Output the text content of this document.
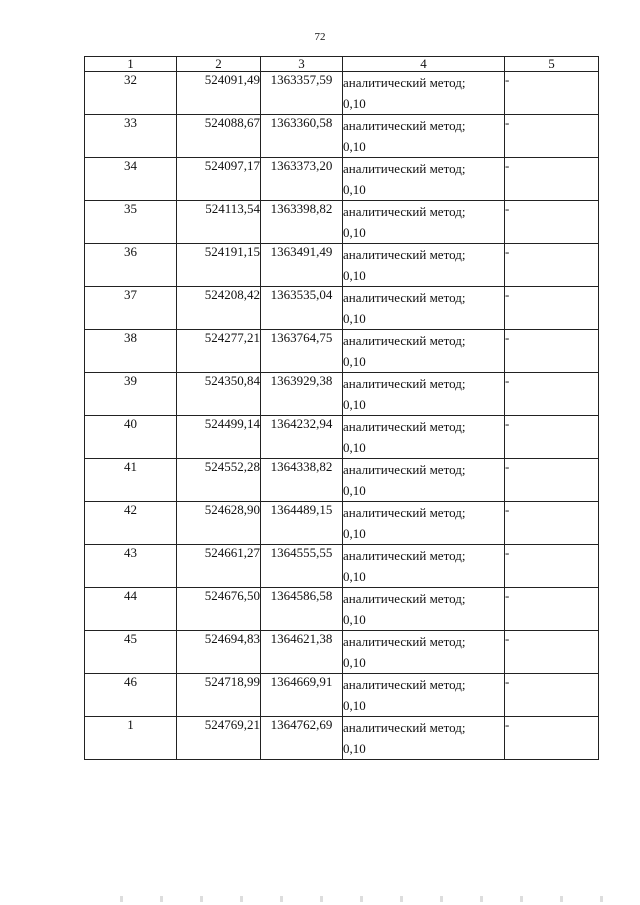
72
1	2	3	4	5
32	524091,49	1363357,59	аналитический метод;
0,10	-
33	524088,67	1363360,58	аналитический метод;
0,10	-
34	524097,17	1363373,20	аналитический метод;
0,10	-
35	524113,54	1363398,82	аналитический метод;
0,10	-
36	524191,15	1363491,49	аналитический метод;
0,10	-
37	524208,42	1363535,04	аналитический метод;
0,10	-
38	524277,21	1363764,75	аналитический метод;
0,10	-
39	524350,84	1363929,38	аналитический метод;
0,10	-
40	524499,14	1364232,94	аналитический метод;
0,10	-
41	524552,28	1364338,82	аналитический метод;
0,10	-
42	524628,90	1364489,15	аналитический метод;
0,10	-
43	524661,27	1364555,55	аналитический метод;
0,10	-
44	524676,50	1364586,58	аналитический метод;
0,10	-
45	524694,83	1364621,38	аналитический метод;
0,10	-
46	524718,99	1364669,91	аналитический метод;
0,10	-
1	524769,21	1364762,69	аналитический метод;
0,10	-
